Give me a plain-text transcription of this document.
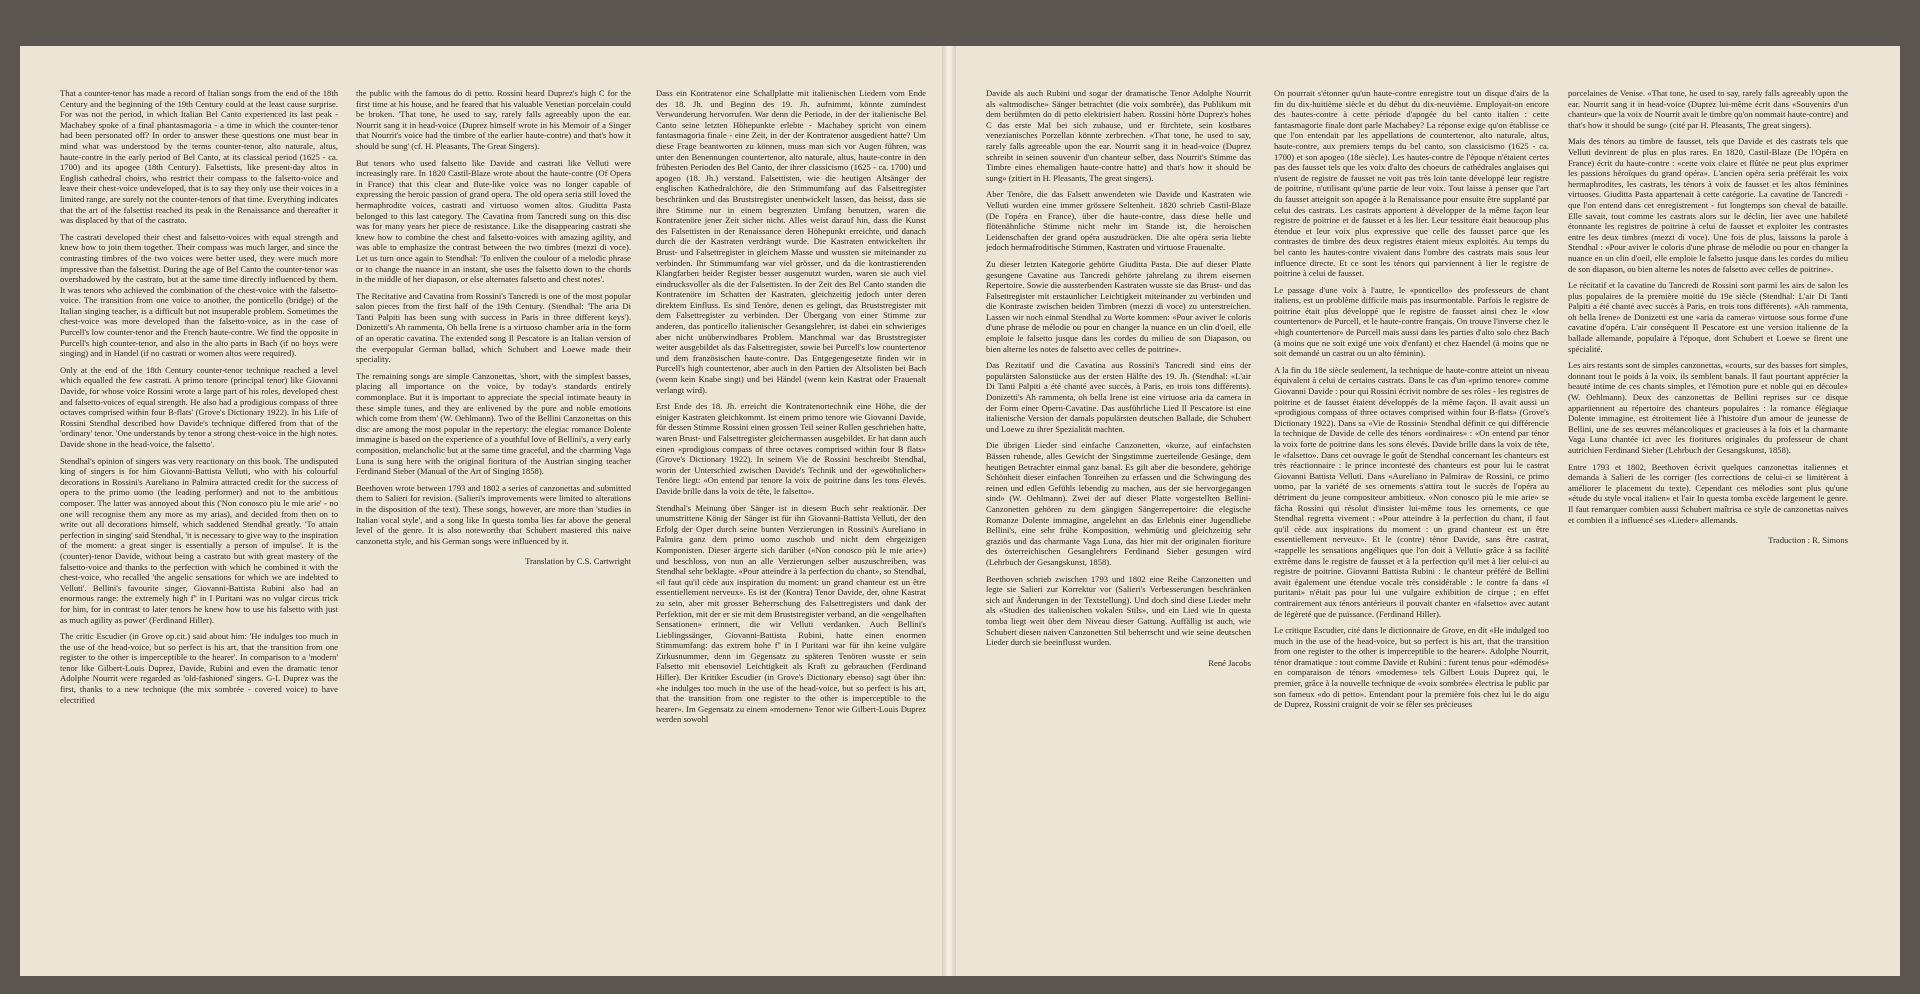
That a counter-tenor has made a record of Italian songs from the end of the 18th Century and the beginning of the 19th Century could at the least cause surprise. For was not the period, in which Italian Bel Canto experienced its last peak - Machabey spoke of a final phantasmagoria - a time in which the counter-tenor had been personated off? In order to answer these questions one must bear in mind what was understood by the terms counter-tenor, alto naturale, altus, haute-contre in the early period of Bel Canto, at its classical period (1625 - ca. 1700) and its apogee (18th Century). Falsettists, like present-day altos in English cathedral choirs, who restrict their compass to the falsetto-voice and leave their chest-voice undeveloped, that is to say they only use their voices in a limited range, are surely not the counter-tenors of that time. Everything indicates that the art of the falsettist reached its peak in the Renaissance and thereafter it was displaced by that of the castrato.

The castrati developed their chest and falsetto-voices with equal strength and knew how to join them together. Their compass was much larger, and since the contrasting timbres of the two voices were better used, they were much more impressive than the falsettist. During the age of Bel Canto the counter-tenor was overshadowed by the castrato, but at the same time directly influenced by them. It was tenors who achieved the combination of the chest-voice with the falsetto-voice. The transition from one voice to another, the ponticello (bridge) of the Italian singing teacher, is a difficult but not insuperable problem. Sometimes the chest-voice was more developed than the falsetto-voice, as in the case of Purcell's low counter-tenor and the French haute-contre. We find the opposite in Purcell's high counter-tenor, and also in the alto parts in Bach (if no boys were singing) and in Handel (if no castrati or women altos were required).

Only at the end of the 18th Century counter-tenor technique reached a level which equalled the few castrati. A primo tenore (principal tenor) like Giovanni Davide, for whose voice Rossini wrote a large part of his roles, developed chest and falsetto-voices of equal strength. He also had a prodigious compass of three octaves comprised within four B-flats' (Grove's Dictionary 1922). In his Life of Rossini Stendhal described how Davide's technique differed from that of the 'ordinary' tenor. 'One understands by tenor a strong chest-voice in the high notes. Davide shone in the head-voice, the falsetto'.

Stendhal's opinion of singers was very reactionary on this book. The undisputed king of singers is for him Giovanni-Battista Velluti, who with his colourful decorations in Rossini's Aureliano in Palmira attracted credit for the success of opera to the primo uomo (the leading performer) and not to the ambitious composer. The latter was annoyed about this ('Non conosco piu le mie arie' - no one will recognise them any more as my arias), and decided from then on to write out all decorations himself, which saddened Stendhal greatly. 'To attain perfection in singing' said Stendhal, 'it is necessary to give way to the inspiration of the moment: a great singer is essentially a person of impulse'. It is the (counter)-tenor Davide, without being a castrato but with great mastery of the falsetto-voice and thanks to the perfection with which he combined it with the chest-voice, who recalled 'the angelic sensations for which we are indebted to Velluti'. Bellini's favourite singer, Giovanni-Battista Rubini also had an enormous range: the extremely high f'' in I Puritani was no vulgar circus trick for him, for in contrast to later tenors he knew how to use his falsetto with just as much agility as power' (Ferdinand Hiller).

The critic Escudier (in Grove op.cit.) said about him: 'He indulges too much in the use of the head-voice, but so perfect is his art, that the transition from one register to the other is imperceptible to the hearer'. In comparison to a 'modern' tenor like Gilbert-Louis Duprez, Davide, Rubini and even the dramatic tenor Adolphe Nourrit were regarded as 'old-fashioned' singers. G-L Duprez was the first, thanks to a new technique (the mix sombrée - covered voice) to have electrified

the public with the famous do di petto. Rossini heard Duprez's high C for the first time at his house, and he feared that his valuable Venetian porcelain could be broken. 'That tone, he used to say, rarely falls agreeably upon the ear. Nourrit sang it in head-voice (Duprez himself wrote in his Memoir of a Singer that Nourrit's voice had the timbre of the earlier haute-contre) and that's how it should be sung' (cf. H. Pleasants, The Great Singers).

But tenors who used falsetto like Davide and castrati like Velluti were increasingly rare. In 1820 Castil-Blaze wrote about the haute-contre (Of Opera in France) that this clear and flute-like voice was no longer capable of expressing the heroic passion of grand opera. The old opera seria still loved the hermaphrodite voices, castrati and virtuoso women altos. Giuditta Pasta belonged to this last category. The Cavatina from Tancredi sung on this disc was for many years her piece de resistance. Like the disappearing castrati she knew how to combine the chest and falsetto-voices with amazing agility, and was able to emphasize the contrast between the two timbres (mezzi di voce). Let us turn once again to Stendhal: 'To enliven the coulour of a melodic phrase or to change the nuance in an instant, she uses the falsetto down to the chords in the middle of her diapason, or else alternates falsetto and chest notes'.

The Recitative and Cavatina from Rossini's Tancredi is one of the most popular salon pieces from the first half of the 19th Century. (Stendhal: 'The aria Di Tanti Palpiti has been sung with success in Paris in three different keys'). Donizetti's Ah rammenta, Oh bella Irene is a virtuoso chamber aria in the form of an operatic cavatina. The extended song Il Pescatore is an Italian version of the everpopular German ballad, which Schubert and Loewe made their speciality.

The remaining songs are simple Canzonettas, 'short, with the simplest basses, placing all importance on the voice, by today's standards entirely commonplace. But it is important to appreciate the special intimate beauty in these simple tunes, and they are enlivened by the pure and noble emotions which come from them' (W. Oehlmann). Two of the Bellini Canzonettas on this disc are among the most popular in the repertory: the elegiac romance Dolente immagine is based on the experience of a youthful love of Bellini's, a very early composition, melancholic but at the same time graceful, and the charming Vaga Luna is sung here with the original fioritura of the Austrian singing teacher Ferdinand Sieber (Manual of the Art of Singing 1858).

Beethoven wrote between 1793 and 1802 a series of canzonettas and submitted them to Salieri for revision. (Salieri's improvements were limited to alterations in the disposition of the text). These songs, however, are more than 'studies in Italian vocal style', and a song like In questa tomba lies far above the general level of the genre. It is also noteworthy that Schubert mastered this naive canzonetta style, and his German songs were influenced by it.

Translation by C.S. Cartwright

Dass ein Kontratenor eine Schallplatte mit italienischen Liedern vom Ende des 18. Jh. und Beginn des 19. Jh. aufnimmt, könnte zumindest Verwunderung hervorrufen. War denn die Periode, in der der italienische Bel Canto seine letzten Höhepunkte erlebte - Machabey spricht von einem fantasmagoria finale - eine Zeit, in der der Kontratenor ausgedient hatte? Um diese Frage beantworten zu können, muss man sich vor Augen führen, was unter den Benennungen countertenor, alto naturale, altus, haute-contre in den frühesten Perioden des Bel Canto, der ihrer classicismo (1625 - ca. 1700) und apogeo (18. Jh.) verstand. Falsettisten, wie die heutigen Altsänger der englischen Kathedralchöre, die den Stimmumfang auf das Falsettregister beschränken und das Bruststregister unentwickelt lassen, das heisst, dass sie ihre Stimme nur in einem begrenzten Umfang benutzen, waren die Kontratenöre jener Zeit sicher nicht. Alles weist darauf hin, dass die Kunst des Falsettisten in der Renaissance deren Höhepunkt erreichte, und danach durch die der Kastraten verdrängt wurde. Die Kastraten entwickelten ihr Brust- und Falsettregister in gleichem Masse und wussten sie miteinander zu verbinden. Ihr Stimmumfang war viel grösser, und da die kontrastierenden Klangfarben beider Register besser ausgenutzt wurden, waren sie auch viel eindrucksvoller als die der Falsettisten. In der Zeit des Bel Canto standen die Kontratenöre im Schatten der Kastraten, gleichzeitig jedoch unter deren direktem Einfluss. Es sind Tenöre, denen es gelingt, das Bruststregister mit dem Falsettregister zu verbinden. Der Übergang von einer Stimme zur anderen, das ponticello italienischer Gesangslehrer, ist dabei ein schwieriges aber nicht unüberwindbares Problem. Manchmal war das Bruststregister weiter ausgebildet als das Falsettregister, sowie bei Purcell's low countertenor und dem französischen haute-contre. Das Entgegengesetzte finden wir in Purcell's high countertenor, aber auch in den Partien der Altsolisten bei Bach (wenn kein Knabe singt) und bei Händel (wenn kein Kastrat oder Frauenalt verlangt wird).

Erst Ende des 18. Jh. erreicht die Kontratenortechnik eine Höhe, die der einiger Kastraten gleichkommt. Ist einem primo tenore wie Giovanni Davide, für dessen Stimme Rossini einen grossen Teil seiner Rollen geschrieben hatte, waren Brust- und Falsettregister gleichermassen ausgebildet. Er hat dann auch einen «prodigious compass of three octaves comprised within four B flats» (Grove's Dictionary 1922). In seinem Vie de Rossini beschreibt Stendhal, worin der Unterschied zwischen Davide's Technik und der «gewöhnlicher» Tenöre liegt: «On entend par tenore la voix de poitrine dans les tons élevés. Davide brille dans la voix de tête, le falsetto».

Stendhal's Meinung über Sänger ist in diesem Buch sehr reaktionär. Der unumstrittene König der Sänger ist für ihn Giovanni-Battista Velluti, der den Erfolg der Oper durch seine bunten Verzierungen in Rossini's Aureliano in Palmira ganz dem primo uomo zuschob und nicht dem ehrgeizigen Komponisten. Dieser ärgerte sich darüber («Non conosco più le mie arie») und beschloss, von nun an alle Verzierungen selber auszuschreiben, was Stendhal sehr beklagte. «Pour atteindre à la perfection du chant», so Stendhal, «il faut qu'il cède aux inspiration du moment: un grand chanteur est un être essentiellement nerveux». Es ist der (Kontra) Tenor Davide, der, ohne Kastrat zu sein, aber mit grosser Beherrschung des Falsettregisters und dank der Perfektion, mit der er sie mit dem Bruststregister verband, an die «engelhaften Sensationen» erinnert, die wir Velluti verdanken. Auch Bellini's Lieblingssänger, Giovanni-Battista Rubini, hatte einen enormen Stimmumfang: das extrem hohe f'' in I Puritani war für ihn keine vulgäre Zirkusnummer, denn im Gegensatz zu späteren Tenören wusste er sein Falsetto mit ebensoviel Leichtigkeit als Kraft zu gebrauchen (Ferdinand Hiller). Der Kritiker Escudier (in Grove's Dictionary ebenso) sagt über ihn: «he indulges too much in the use of the head-voice, but so perfect is his art, that the transition from one register to the other is imperceptible to the hearer». Im Gegensatz zu einem «modernen» Tenor wie Gilbert-Louis Duprez werden sowohl

Davide als auch Rubini und sogar der dramatische Tenor Adolphe Nourrit als «altmodische» Sänger betrachtet (die voix sombrée), das Publikum mit dem berühmten do di petto elektrisiert haben. Rossini hörte Duprez's hohes C das erste Mal bei sich zuhause, und er fürchtete, sein kostbares venezianisches Porzellan könnte zerbrechen. «That tone, he used to say, rarely falls agreeable upon the ear. Nourrit sang it in head-voice (Duprez schreibt in seinen souvenir d'un chanteur selber, dass Nourrit's Stimme das Timbre eines ehemaligen haute-contre hatte) and that's how it should be sung» (zitiert in H. Pleasants, The great singers).

Aber Tenöre, die das Falsett anwendeten wie Davide und Kastraten wie Velluti wurden eine immer grössere Seltenheit. 1820 schrieb Castil-Blaze (De l'opéra en France), über die haute-contre, dass diese helle und flötenähnliche Stimme nicht mehr im Stande ist, die heroischen Leidenschaften der grand opéra auszudrücken. Die alte opéra seria liebte jedoch hermafroditische Stimmen, Kastraten und virtuose Frauenalte.

Zu dieser letzten Kategorie gehörte Giuditta Pasta. Die auf dieser Platte gesungene Cavatine aus Tancredi gehörte jahrelang zu ihrem eisernen Repertoire. Sowie die aussterbenden Kastraten wusste sie das Brust- und das Falsettregister mit erstaunlicher Leichtigkeit miteinander zu verbinden und die Kontraste zwischen beiden Timbren (mezzi di voce) zu unterstreichen. Lassen wir noch einmal Stendhal zu Worte kommen: «Pour aviver le coloris d'une phrase de mélodie ou pour en changer la nuance en un clin d'oeil, elle emploie le falsetto jusque dans les cordes du milieu de son Diapason, ou bien alterne les notes de falsetto avec celles de poitrine».

Das Rezitatif und die Cavatina aus Rossini's Tancredi sind eins der populärsten Salonstücke aus der ersten Hälfte des 19. Jh. (Stendhal: «L'air Di Tanti Palpiti a été chanté avec succès, à Paris, en trois tons différents). Donizetti's Ah rammenta, oh bella Irene ist eine virtuose aria da camera in der Form einer Opern-Cavatine. Das ausführliche Lied Il Pescatore ist eine italienische Version der damals populärsten deutschen Ballade, die Schubert und Loewe zu ihrer Spezialität machten.

Die übrigen Lieder sind einfache Canzonetten, «kurze, auf einfachsten Bässen ruhende, alles Gewicht der Singstimme zuerteilende Gesänge, dem heutigen Betrachter einmal ganz banal. Es gilt aber die besondere, gehörige Schönheit dieser einfachen Tonreihen zu erfassen und die Schwingung des reinen und edlen Gefühls lebendig zu machen, aus der sie hervorgegangen sind» (W. Oehlmann). Zwei der auf dieser Platte vorgestellten Bellini-Canzonetten gehören zu dem gängigen Sängerrepertoire: die elegische Romanze Dolente immagine, angelehnt an das Erlebnis einer Jugendliebe Bellini's, eine sehr frühe Komposition, wehmütig und gleichzeitig sehr graziös und das charmante Vaga Luna, das hier mit der originalen fioriture des österreichischen Gesanglehrers Ferdinand Sieber gesungen wird (Lehrbuch der Gesangskunst, 1858).

Beethoven schrieb zwischen 1793 und 1802 eine Reihe Canzonetten und legte sie Salieri zur Korrektur vor (Salieri's Verbesserungen beschränken sich auf Änderungen in der Textstellung). Und doch sind diese Lieder mehr als «Studien des italienischen vokalen Stils», und ein Lied wie In questa tomba liegt weit über dem Niveau dieser Gattung. Auffällig ist auch, wie Schubert diesen naiven Canzonetten Stil beherrscht und wie seine deutschen Lieder durch sie beeinflusst wurden.

René Jacobs

On pourrait s'étonner qu'un haute-contre enregistre tout un disque d'airs de la fin du dix-huitième siècle et du début du dix-neuvième. Employait-on encore des hautes-contre à cette période d'apogée du bel canto italien : cette fantasmagorie finale dont parle Machabey? La réponse exige qu'on établisse ce que l'on entendait par les appellations de countertenor, alto naturale, altus, haute-contre, aux premiers temps du bel canto, son classicismo (1625 - ca. 1700) et son apogeo (18e siècle). Les hautes-contre de l'époque n'étaient certes pas des fausset tels que les voix d'alto des choeurs de cathédrales anglaises qui n'usent de registre de fausset ne voit pas très loin tante développé leur registre de poitrine, n'utilisant qu'une partie de leur voix. Tout laisse à penser que l'art du fausset atteignit son apogée à la Renaissance pour ensuite être supplanté par celui des castrats. Les castrats apportent à développer de la même façon leur registre de poitrine et de fausset et à les lier. Leur tessiture était beaucoup plus étendue et leur voix plus expressive que celle des fausset parce que les contrastes de timbre des deux registres étaient mieux exploités. Au temps du bel canto les hautes-contre vivaient dans l'ombre des castrats mais sous leur influence directe. Et ce sont les ténors qui parviennent à lier le registre de poitrine à celui de fausset.

Le passage d'une voix à l'autre, le «ponticello» des professeurs de chant italiens, est un problème difficile mais pas insurmontable. Parfois le registre de poitrine était plus développé que le registre de fausset ainsi chez le «low countertenor» de Purcell, et le haute-contre français. On trouve l'inverse chez le «high countertenor» de Purcell mais aussi dans les parties d'alto solo chez Bach (à moins que ne soit exigé une voix d'enfant) et chez Haendel (à moins que ne soit demandé un castrat ou un alto féminin).

A la fin du 18e siècle seulement, la technique de haute-contre atteint un niveau équivalent à celui de certains castrats. Dans le cas d'un «primo tenore» comme Giovanni Davide : pour qui Rossini écrivit nombre de ses rôles - les registres de poitrine et de fausset étaient développés de la même façon. Il avait aussi un «prodigious compass of three octaves comprised within four B-flats» (Grove's Dictionary 1922). Dans sa «Vie de Rossini» Stendhal définit ce qui différencie la technique de Davide de celle des ténors «ordinaires» : «On entend par ténor la voix forte de poitrine dans les sons élevés. Davide brille dans la voix de tête, le «falsetto». Dans cet ouvrage le goût de Stendhal concernant les chanteurs est très réactionnaire : le prince incontesté des chanteurs est pour lui le castrat Giovanni Battista Velluti. Dans «Aureliano in Palmira» de Rossini, ce primo uomo, par la variété de ses ornements s'attira tout le succès de l'opéra au détriment du jeune compositeur ambitieux. «Non conosco più le mie arie» se fâcha Rossini qui résolut d'insister lui-même tous les ornements, ce que Stendhal regretta vivement : «Pour atteindre à la perfection du chant, il faut qu'il cède aux inspirations du moment : un grand chanteur est un être essentiellement nerveux». Et le (contre) ténor Davide, sans être castrat, «rappelle les sensations angéliques que l'on doit à Velluti» grâce à sa facilité extrême dans le registre de fausset et à la perfection qu'il met à lier celui-ci au registre de poitrine. Giovanni Battista Rubini : le chanteur préféré de Bellini avait également une étendue vocale très considérable : le contre fa dans «I puritani» n'était pas pour lui une vulgaire exhibition de cirque ; en effet contrairement aux ténors antérieurs il pouvait chanter en «falsetto» avec autant de légèreté que de puissance. (Ferdinand Hiller).

Le critique Escudier, cité dans le dictionnaire de Grove, en dit «He indulged too much in the use of the head-voice, but so perfect is his art, that the transition from one register to the other is imperceptible to the hearer». Adolphe Nourrit, ténor dramatique : tout comme Davide et Rubini : furent tenus pour «démodés» en comparaison de ténors «modernes» tels Gilbert Louis Duprez qui, le premier, grâce à la nouvelle technique de «voix sombrée» électrisa le public par son fameux «do di petto». Entendant pour la première fois chez lui le do aigu de Duprez, Rossini craignit de voir se fêler ses précieuses

porcelaines de Venise. «That tone, he used to say, rarely falls agreeably upon the ear. Nourrit sang it in head-voice (Duprez lui-même écrit dans «Souvenirs d'un chanteur» que la voix de Nourrit avait le timbre qu'on nommait haute-contre) and that's how it should be sung» (cité par H. Pleasants, The great singers).

Mais des ténors au timbre de fausset, tels que Davide et des castrats tels que Velluti devinrent de plus en plus rares. En 1820, Castil-Blaze (De l'Opéra en France) écrit du haute-contre : «cette voix claire et flûtée ne peut plus exprimer les passions héroïques du grand opéra». L'ancien opéra seria préférait les voix hermaphrodites, les castrats, les ténors à voix de fausset et les altos féminines virtuoses. Giuditta Pasta appartenait à cette catégorie. La cavatine de Tancredi - que l'on entend dans cet enregistrement - fut longtemps son cheval de bataille. Elle savait, tout comme les castrats alors sur le déclin, lier avec une habileté étonnante les registres de poitrine à celui de fausset et exploiter les contrastes entre les deux timbres (mezzi di voce). Une fois de plus, laissons la parole à Stendhal : «Pour aviver le coloris d'une phrase de mélodie ou pour en changer la nuance en un clin d'oeil, elle emploie le falsetto jusque dans les cordes du milieu de son diapason, ou bien alterne les notes de falsetto avec celles de poitrine».

Le récitatif et la cavatine du Tancredi de Rossini sont parmi les airs de salon les plus populaires de la première moitié du 19e siècle (Stendhal: L'air Di Tanti Palpiti a été chanté avec succès à Paris, en trois tons différents). «Ah rammenta, oh bella Irene» de Donizetti est une «aria da camera» virtuose sous forme d'une cavatine d'opéra. L'air conséquent Il Pescatore est une version italienne de la ballade allemande, populaire à l'époque, dont Schubert et Loewe se firent une spécialité.

Les airs restants sont de simples canzonettas, «courts, sur des basses fort simples, donnant tout le poids à la voix, ils semblent banals. Il faut pourtant apprécier la beauté intime de ces chants simples, et l'émotion pure et noble qui en découle» (W. Oehlmann). Deux des canzonettas de Bellini reprises sur ce disque appartiennent au répertoire des chanteurs populaires : la romance élégiaque Dolente immagine, est étroitement liée à l'histoire d'un amour de jeunesse de Bellini, une de ses œuvres mélancoliques et gracieuses à la fois et la charmante Vaga Luna chantée ici avec les fioritures originales du professeur de chant autrichien Ferdinand Sieber (Lehrbuch der Gesangskunst, 1858).

Entre 1793 et 1802, Beethoven écrivit quelques canzonettas italiennes et demanda à Salieri de les corriger (les corrections de celui-ci se limitèrent à améliorer le placement du texte). Cependant ces mélodies sont plus qu'une «étude du style vocal italien» et l'air In questa tomba excède largement le genre. Il faut remarquer combien aussi Schubert maîtrisa ce style de canzonettas naïves et combien il a influencé ses «Lieder» allemands.

Traduction : R. Simons
